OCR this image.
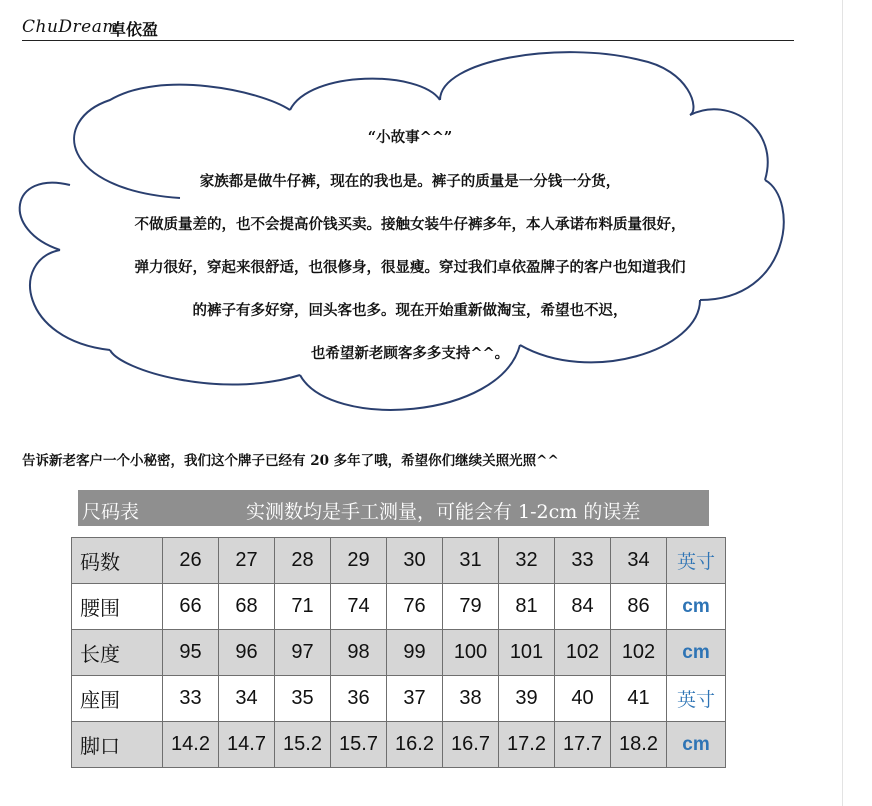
ChuDream
卓依盈
“小故事^^”
家族都是做牛仔裤，现在的我也是。裤子的质量是一分钱一分货，
不做质量差的，也不会提高价钱买卖。接触女装牛仔裤多年，本人承诺布料质量很好，
弹力很好，穿起来很舒适，也很修身，很显瘦。穿过我们卓依盈牌子的客户也知道我们
的裤子有多好穿，回头客也多。现在开始重新做淘宝，希望也不迟，
也希望新老顾客多多支持^^。
告诉新老客户一个小秘密，我们这个牌子已经有 20 多年了哦，希望你们继续关照光照^^
尺码表	实测数均是手工测量，可能会有 1-2cm 的误差
码数	26	27	28	29	30	31	32	33	34	英寸
腰围	66	68	71	74	76	79	81	84	86	cm
长度	95	96	97	98	99	100	101	102	102	cm
座围	33	34	35	36	37	38	39	40	41	英寸
脚口	14.2	14.7	15.2	15.7	16.2	16.7	17.2	17.7	18.2	cm
